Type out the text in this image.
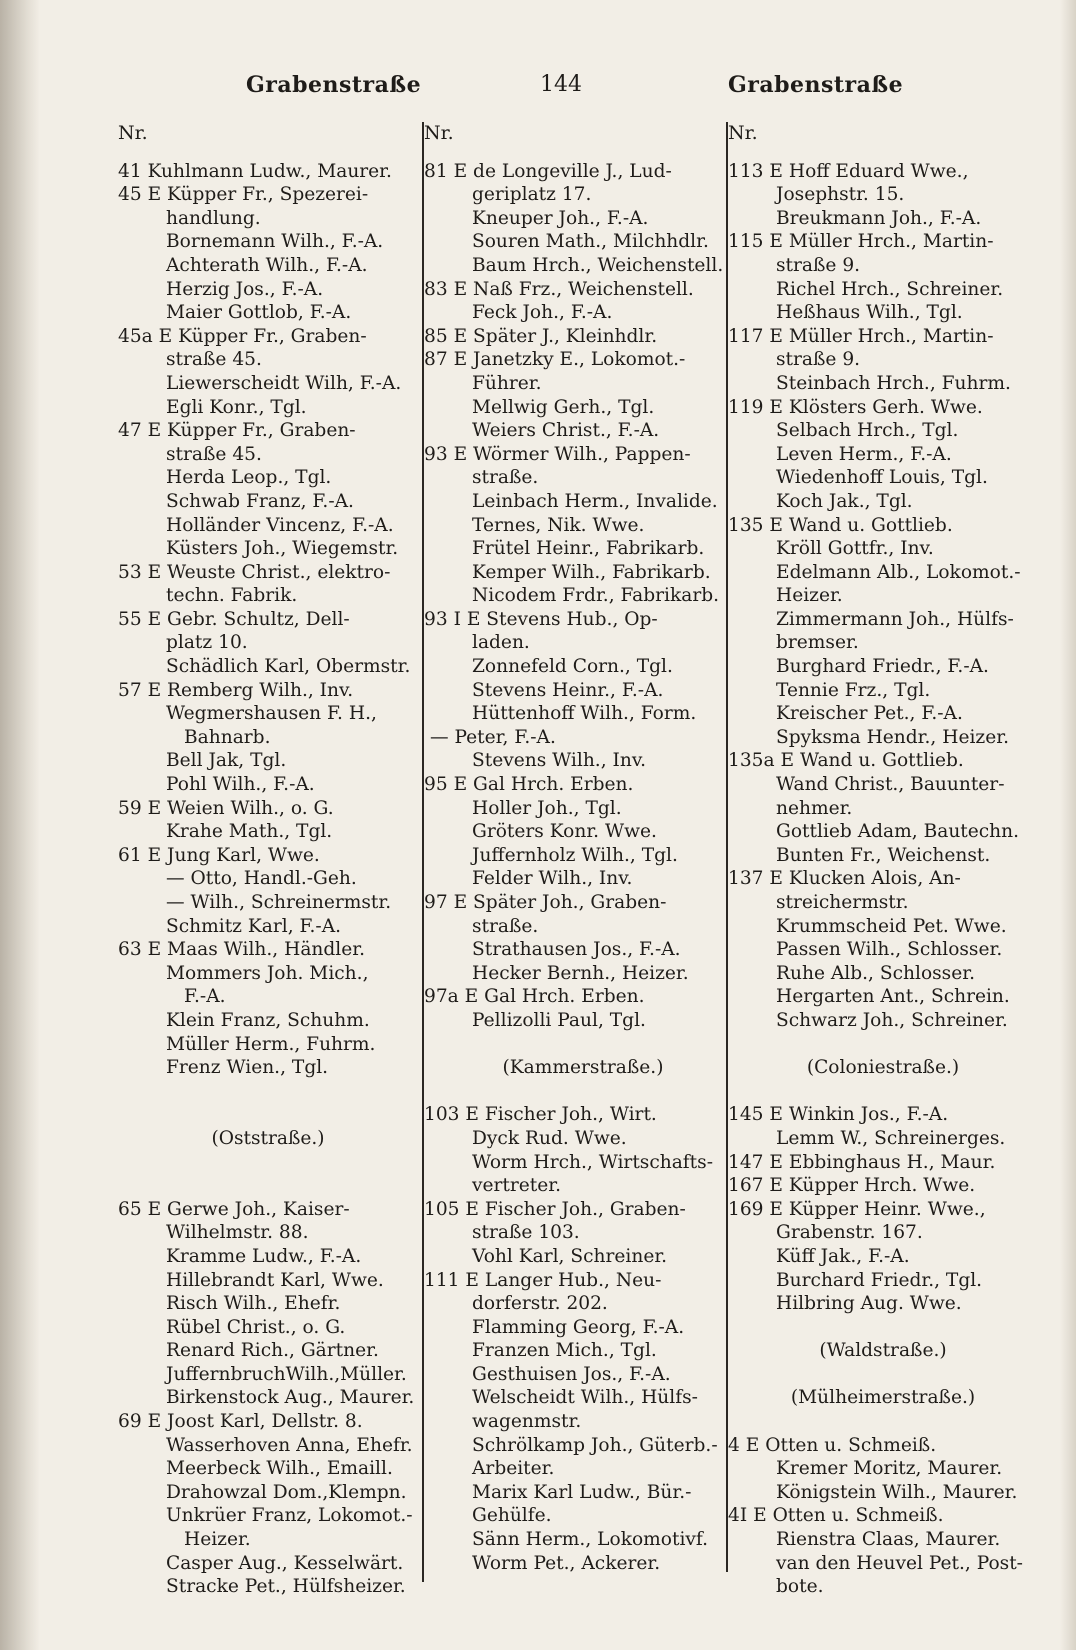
Grabenstraße	144	Grabenstraße
Nr.
41 Kuhlmann Ludw., Maurer.
45 E Küpper Fr., Spezerei-
handlung.
Bornemann Wilh., F.-A.
Achterath Wilh., F.-A.
Herzig Jos., F.-A.
Maier Gottlob, F.-A.
45a E Küpper Fr., Graben-
straße 45.
Liewerscheidt Wilh, F.-A.
Egli Konr., Tgl.
47 E Küpper Fr., Graben-
straße 45.
Herda Leop., Tgl.
Schwab Franz, F.-A.
Holländer Vincenz, F.-A.
Küsters Joh., Wiegemstr.
53 E Weuste Christ., elektro-
techn. Fabrik.
55 E Gebr. Schultz, Dell-
platz 10.
Schädlich Karl, Obermstr.
57 E Remberg Wilh., Inv.
Wegmershausen F. H.,
Bahnarb.
Bell Jak, Tgl.
Pohl Wilh., F.-A.
59 E Weien Wilh., o. G.
Krahe Math., Tgl.
61 E Jung Karl, Wwe.
— Otto, Handl.-Geh.
— Wilh., Schreinermstr.
Schmitz Karl, F.-A.
63 E Maas Wilh., Händler.
Mommers Joh. Mich.,
F.-A.
Klein Franz, Schuhm.
Müller Herm., Fuhrm.
Frenz Wien., Tgl.
(Oststraße.)
65 E Gerwe Joh., Kaiser-
Wilhelmstr. 88.
Kramme Ludw., F.-A.
Hillebrandt Karl, Wwe.
Risch Wilh., Ehefr.
Rübel Christ., o. G.
Renard Rich., Gärtner.
JuffernbruchWilh.,Müller.
Birkenstock Aug., Maurer.
69 E Joost Karl, Dellstr. 8.
Wasserhoven Anna, Ehefr.
Meerbeck Wilh., Emaill.
Drahowzal Dom.,Klempn.
Unkrüer Franz, Lokomot.-
Heizer.
Casper Aug., Kesselwärt.
Stracke Pet., Hülfsheizer.
Nr.
81 E de Longeville J., Lud-
geriplatz 17.
Kneuper Joh., F.-A.
Souren Math., Milchhdlr.
Baum Hrch., Weichenstell.
83 E Naß Frz., Weichenstell.
Feck Joh., F.-A.
85 E Später J., Kleinhdlr.
87 E Janetzky E., Lokomot.-
Führer.
Mellwig Gerh., Tgl.
Weiers Christ., F.-A.
93 E Wörmer Wilh., Pappen-
straße.
Leinbach Herm., Invalide.
Ternes, Nik. Wwe.
Frütel Heinr., Fabrikarb.
Kemper Wilh., Fabrikarb.
Nicodem Frdr., Fabrikarb.
93 I E Stevens Hub., Op-
laden.
Zonnefeld Corn., Tgl.
Stevens Heinr., F.-A.
Hüttenhoff Wilh., Form.
— Peter, F.-A.
Stevens Wilh., Inv.
95 E Gal Hrch. Erben.
Holler Joh., Tgl.
Gröters Konr. Wwe.
Juffernholz Wilh., Tgl.
Felder Wilh., Inv.
97 E Später Joh., Graben-
straße.
Strathausen Jos., F.-A.
Hecker Bernh., Heizer.
97a E Gal Hrch. Erben.
Pellizolli Paul, Tgl.
(Kammerstraße.)
103 E Fischer Joh., Wirt.
Dyck Rud. Wwe.
Worm Hrch., Wirtschafts-
vertreter.
105 E Fischer Joh., Graben-
straße 103.
Vohl Karl, Schreiner.
111 E Langer Hub., Neu-
dorferstr. 202.
Flamming Georg, F.-A.
Franzen Mich., Tgl.
Gesthuisen Jos., F.-A.
Welscheidt Wilh., Hülfs-
wagenmstr.
Schrölkamp Joh., Güterb.-
Arbeiter.
Marix Karl Ludw., Bür.-
Gehülfe.
Sänn Herm., Lokomotivf.
Worm Pet., Ackerer.
Nr.
113 E Hoff Eduard Wwe.,
Josephstr. 15.
Breukmann Joh., F.-A.
115 E Müller Hrch., Martin-
straße 9.
Richel Hrch., Schreiner.
Heßhaus Wilh., Tgl.
117 E Müller Hrch., Martin-
straße 9.
Steinbach Hrch., Fuhrm.
119 E Klösters Gerh. Wwe.
Selbach Hrch., Tgl.
Leven Herm., F.-A.
Wiedenhoff Louis, Tgl.
Koch Jak., Tgl.
135 E Wand u. Gottlieb.
Kröll Gottfr., Inv.
Edelmann Alb., Lokomot.-
Heizer.
Zimmermann Joh., Hülfs-
bremser.
Burghard Friedr., F.-A.
Tennie Frz., Tgl.
Kreischer Pet., F.-A.
Spyksma Hendr., Heizer.
135a E Wand u. Gottlieb.
Wand Christ., Bauunter-
nehmer.
Gottlieb Adam, Bautechn.
Bunten Fr., Weichenst.
137 E Klucken Alois, An-
streichermstr.
Krummscheid Pet. Wwe.
Passen Wilh., Schlosser.
Ruhe Alb., Schlosser.
Hergarten Ant., Schrein.
Schwarz Joh., Schreiner.
(Coloniestraße.)
145 E Winkin Jos., F.-A.
Lemm W., Schreinerges.
147 E Ebbinghaus H., Maur.
167 E Küpper Hrch. Wwe.
169 E Küpper Heinr. Wwe.,
Grabenstr. 167.
Küff Jak., F.-A.
Burchard Friedr., Tgl.
Hilbring Aug. Wwe.
(Waldstraße.)
(Mülheimerstraße.)
4 E Otten u. Schmeiß.
Kremer Moritz, Maurer.
Königstein Wilh., Maurer.
4I E Otten u. Schmeiß.
Rienstra Claas, Maurer.
van den Heuvel Pet., Post-
bote.
